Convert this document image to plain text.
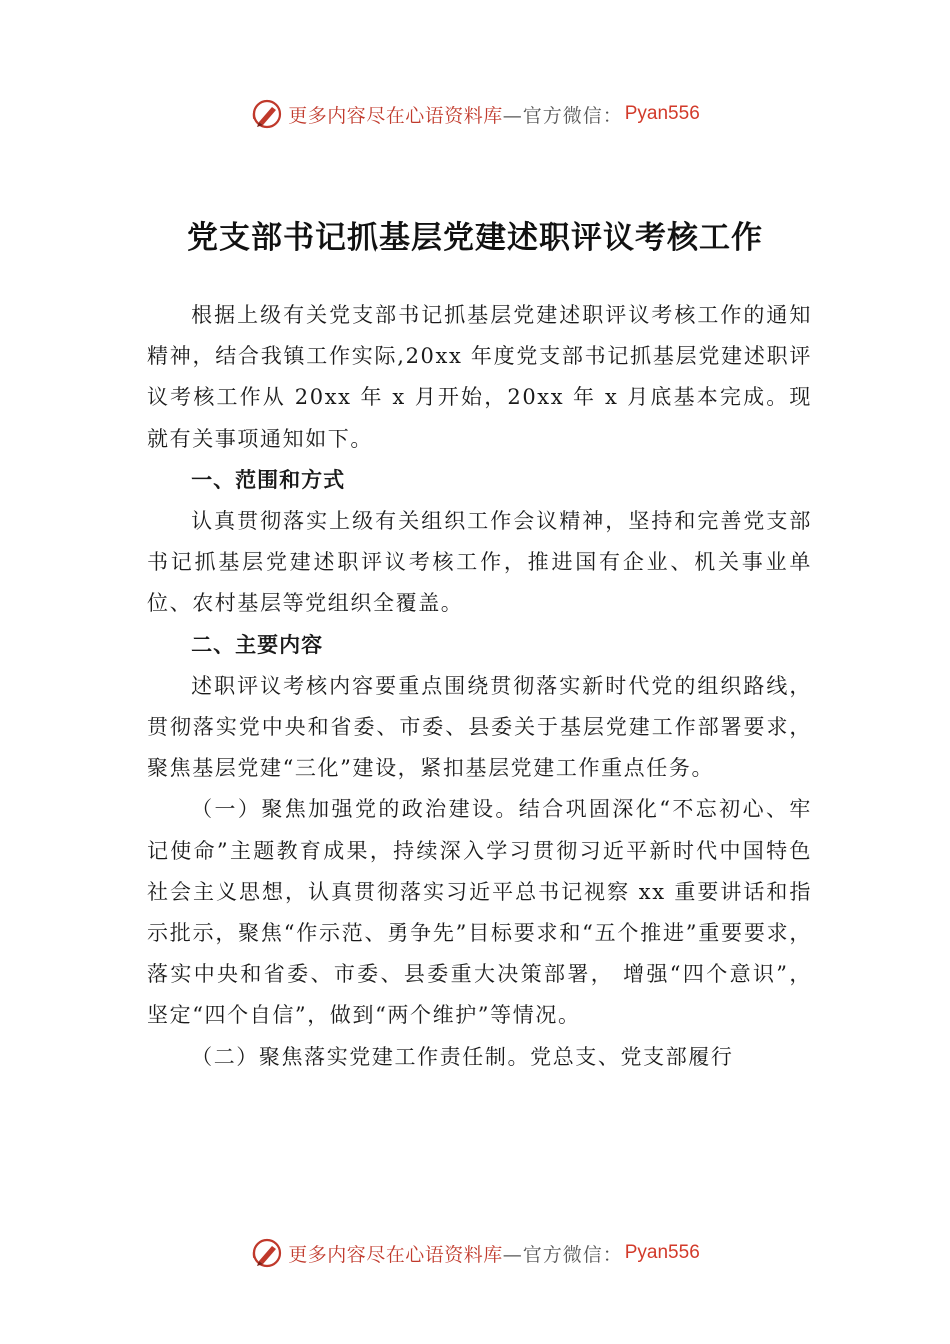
更多内容尽在心语资料库 —官方微信： Pyan556
党支部书记抓基层党建述职评议考核工作

根据上级有关党支部书记抓基层党建述职评议考核工作的通知精神，结合我镇工作实际,20xx 年度党支部书记抓基层党建述职评议考核工作从 20xx 年 x 月开始，20xx 年 x 月底基本完成。现就有关事项通知如下。

一、范围和方式

认真贯彻落实上级有关组织工作会议精神，坚持和完善党支部书记抓基层党建述职评议考核工作，推进国有企业、机关事业单位、农村基层等党组织全覆盖。

二、主要内容

述职评议考核内容要重点围绕贯彻落实新时代党的组织路线，贯彻落实党中央和省委、市委、县委关于基层党建工作部署要求，聚焦基层党建“三化”建设，紧扣基层党建工作重点任务。

（一）聚焦加强党的政治建设。结合巩固深化“不忘初心、牢记使命”主题教育成果，持续深入学习贯彻习近平新时代中国特色社会主义思想，认真贯彻落实习近平总书记视察 xx 重要讲话和指示批示，聚焦“作示范、勇争先”目标要求和“五个推进”重要要求，落实中央和省委、市委、县委重大决策部署， 增强“四个意识”，坚定“四个自信”，做到“两个维护”等情况。

（二）聚焦落实党建工作责任制。党总支、党支部履行

更多内容尽在心语资料库 —官方微信： Pyan556
